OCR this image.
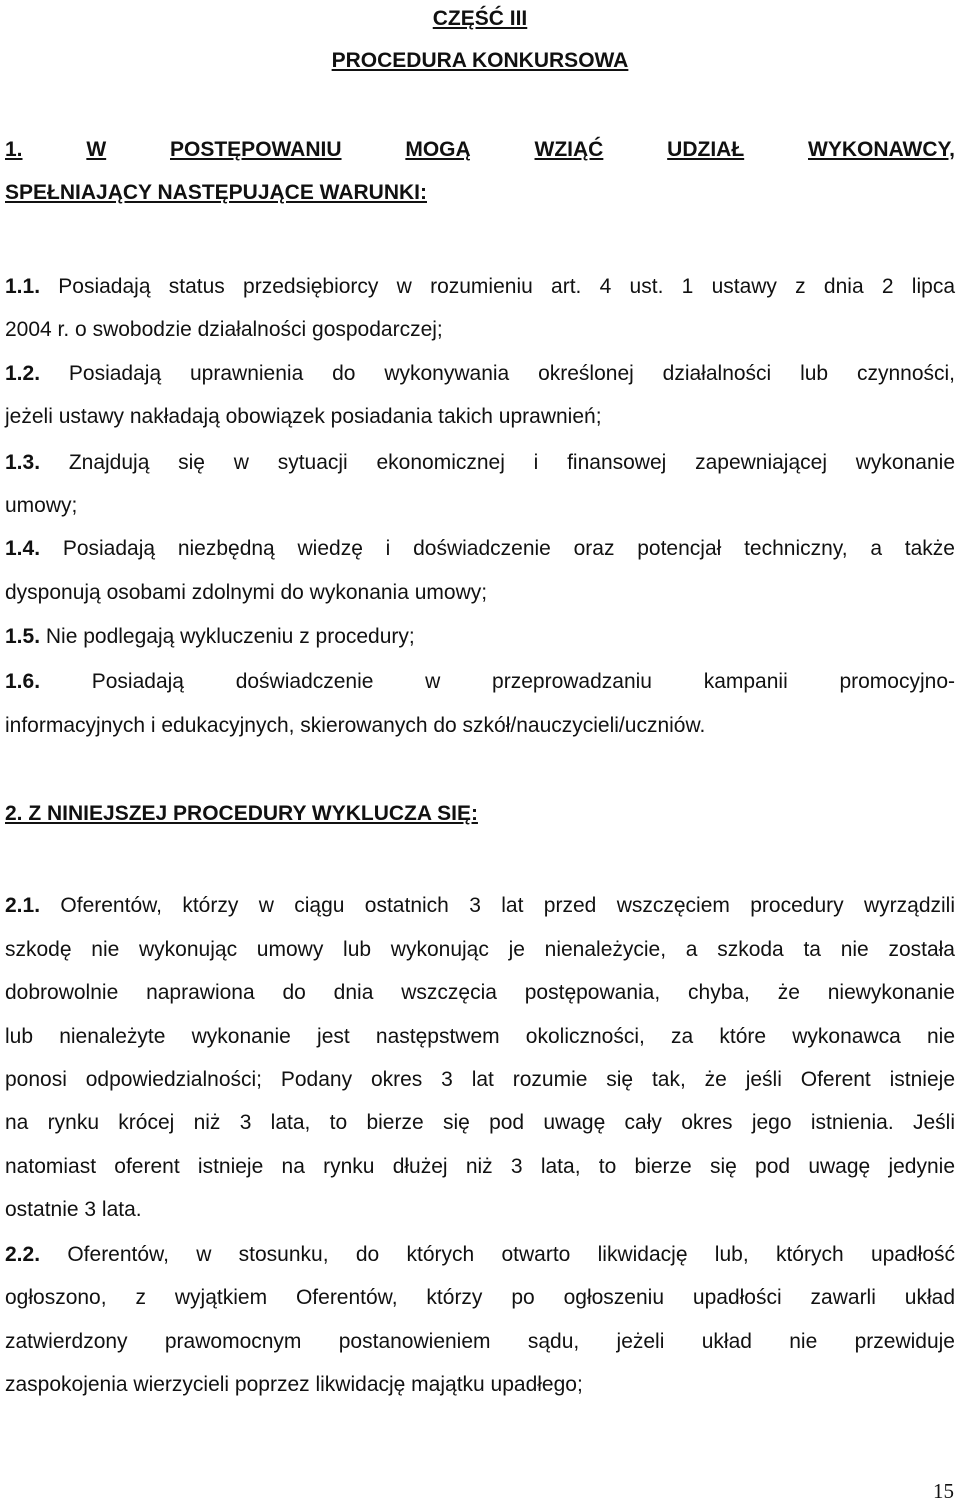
CZĘŚĆ III
PROCEDURA KONKURSOWA
1.	W	POSTĘPOWANIU	MOGĄ	WZIĄĆ	UDZIAŁ	WYKONAWCY,
SPEŁNIAJĄCY NASTĘPUJĄCE WARUNKI:
1.1. Posiadają status przedsiębiorcy w rozumieniu art. 4 ust. 1 ustawy z dnia 2 lipca
2004 r. o swobodzie działalności gospodarczej;
1.2. Posiadają uprawnienia do wykonywania określonej działalności lub czynności,
jeżeli ustawy nakładają obowiązek posiadania takich uprawnień;
1.3. Znajdują się w sytuacji ekonomicznej i finansowej zapewniającej wykonanie
umowy;
1.4. Posiadają niezbędną wiedzę i doświadczenie oraz potencjał techniczny, a także
dysponują osobami zdolnymi do wykonania umowy;
1.5. Nie podlegają wykluczeniu z procedury;
1.6. Posiadają doświadczenie w przeprowadzaniu kampanii promocyjno-
informacyjnych i edukacyjnych, skierowanych do szkół/nauczycieli/uczniów.
2. Z NINIEJSZEJ PROCEDURY WYKLUCZA SIĘ:
2.1. Oferentów, którzy w ciągu ostatnich 3 lat przed wszczęciem procedury wyrządzili
szkodę nie wykonując umowy lub wykonując je nienależycie, a szkoda ta nie została
dobrowolnie naprawiona do dnia wszczęcia postępowania, chyba, że niewykonanie
lub nienależyte wykonanie jest następstwem okoliczności, za które wykonawca nie
ponosi odpowiedzialności; Podany okres 3 lat rozumie się tak, że jeśli Oferent istnieje
na rynku krócej niż 3 lata, to bierze się pod uwagę cały okres jego istnienia. Jeśli
natomiast oferent istnieje na rynku dłużej niż 3 lata, to bierze się pod uwagę jedynie
ostatnie 3 lata.
2.2. Oferentów, w stosunku, do których otwarto likwidację lub, których upadłość
ogłoszono, z wyjątkiem Oferentów, którzy po ogłoszeniu upadłości zawarli układ
zatwierdzony prawomocnym postanowieniem sądu, jeżeli układ nie przewiduje
zaspokojenia wierzycieli poprzez likwidację majątku upadłego;
15
